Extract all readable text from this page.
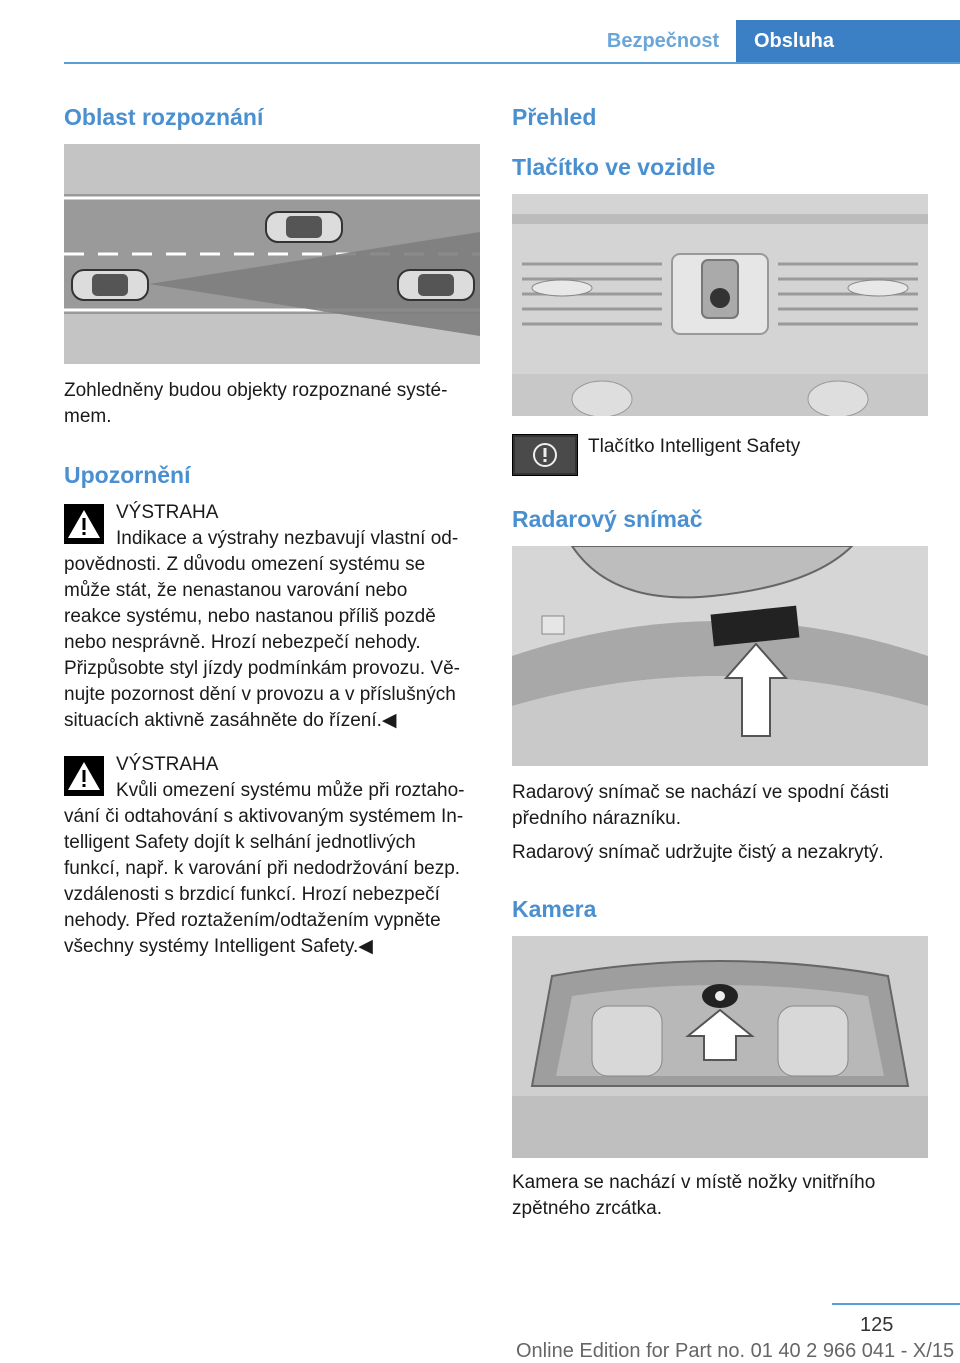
Bezpečnost	Obsluha
Oblast rozpoznání

Zohledněny budou objekty rozpoznané systé‐

mem.

Upozornění

VÝSTRAHA

Indikace a výstrahy nezbavují vlastní od‐

povědnosti. Z důvodu omezení systému se

může stát, že nenastanou varování nebo

reakce systému, nebo nastanou příliš pozdě

nebo nesprávně. Hrozí nebezpečí nehody.

Přizpůsobte styl jízdy podmínkám provozu. Vě‐

nujte pozornost dění v provozu a v příslušných

situacích aktivně zasáhněte do řízení.◀

VÝSTRAHA

Kvůli omezení systému může při roztaho‐

vání či odtahování s aktivovaným systémem In‐

telligent Safety dojít k selhání jednotlivých

funkcí, např. k varování při nedodržování bezp.

vzdálenosti s brzdicí funkcí. Hrozí nebezpečí

nehody. Před roztažením/odtažením vypněte

všechny systémy Intelligent Safety.◀

Přehled
Tlačítko ve vozidle

Tlačítko Intelligent Safety

Radarový snímač

Radarový snímač se nachází ve spodní části

předního nárazníku.

Radarový snímač udržujte čistý a nezakrytý.

Kamera

Kamera se nachází v místě nožky vnitřního

zpětného zrcátka.

125
Online Edition for Part no. 01 40 2 966 041 - X/15
